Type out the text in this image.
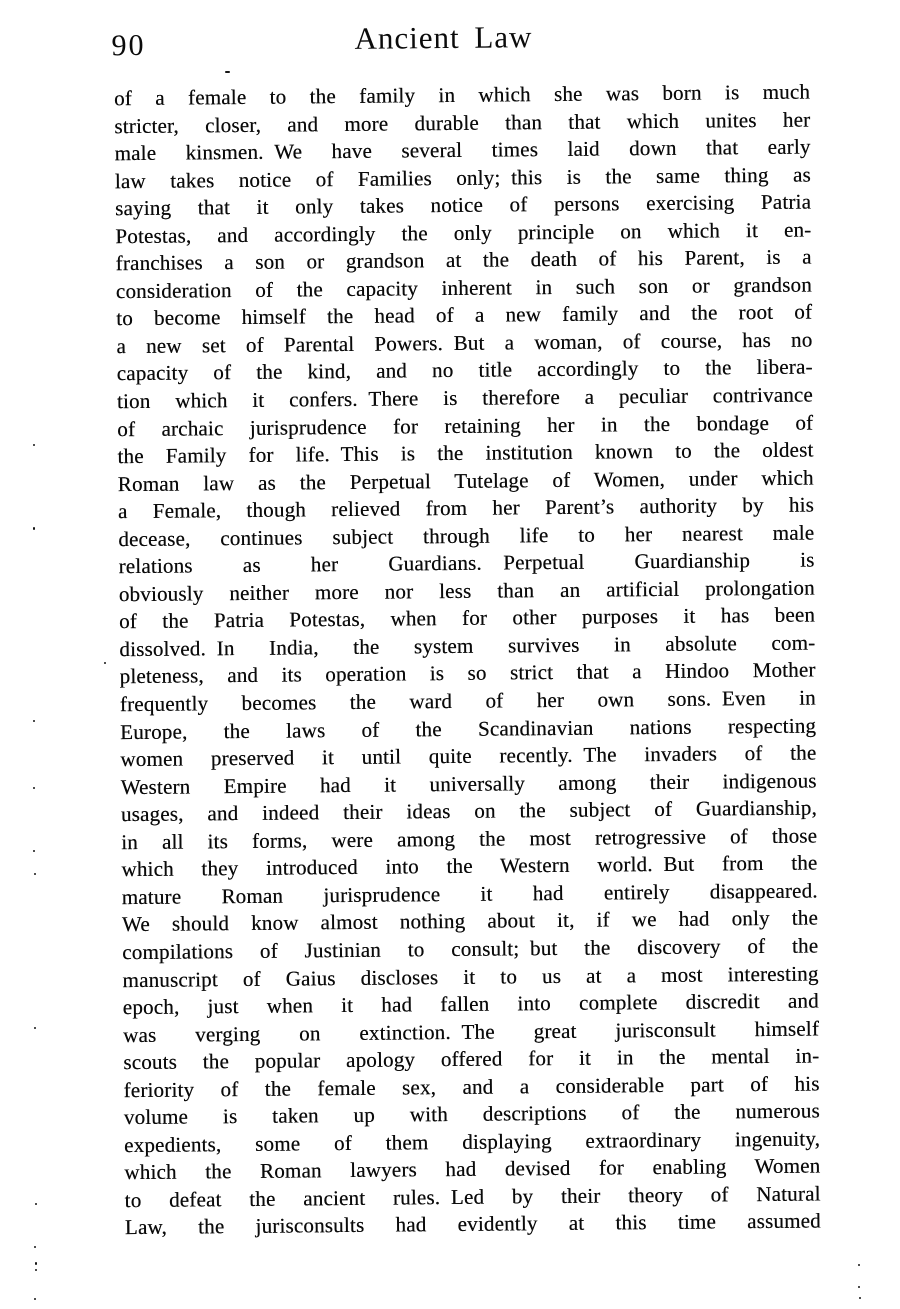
90	Ancient Law
of a female to the family in which she was born is much
stricter, closer, and more durable than that which unites her
male kinsmen. We have several times laid down that early
law takes notice of Families only; this is the same thing as
saying that it only takes notice of persons exercising Patria
Potestas, and accordingly the only principle on which it en-
franchises a son or grandson at the death of his Parent, is a
consideration of the capacity inherent in such son or grandson
to become himself the head of a new family and the root of
a new set of Parental Powers. But a woman, of course, has no
capacity of the kind, and no title accordingly to the libera-
tion which it confers. There is therefore a peculiar contrivance
of archaic jurisprudence for retaining her in the bondage of
the Family for life. This is the institution known to the oldest
Roman law as the Perpetual Tutelage of Women, under which
a Female, though relieved from her Parent’s authority by his
decease, continues subject through life to her nearest male
relations as her Guardians.  Perpetual Guardianship is
obviously neither more nor less than an artificial prolongation
of the Patria Potestas, when for other purposes it has been
dissolved. In India, the system survives in absolute com-
pleteness, and its operation is so strict that a Hindoo Mother
frequently becomes the ward of her own sons. Even in
Europe, the laws of the Scandinavian nations respecting
women preserved it until quite recently. The invaders of the
Western Empire had it universally among their indigenous
usages, and indeed their ideas on the subject of Guardianship,
in all its forms, were among the most retrogressive of those
which they introduced into the Western world. But from the
mature Roman jurisprudence it had entirely disappeared.
We should know almost nothing about it, if we had only the
compilations of Justinian to consult; but the discovery of the
manuscript of Gaius discloses it to us at a most interesting
epoch, just when it had fallen into complete discredit and
was verging on extinction. The great jurisconsult himself
scouts the popular apology offered for it in the mental in-
feriority of the female sex, and a considerable part of his
volume is taken up with descriptions of the numerous
expedients, some of them displaying extraordinary ingenuity,
which the Roman lawyers had devised for enabling Women
to defeat the ancient rules. Led by their theory of Natural
Law, the jurisconsults had evidently at this time assumed
